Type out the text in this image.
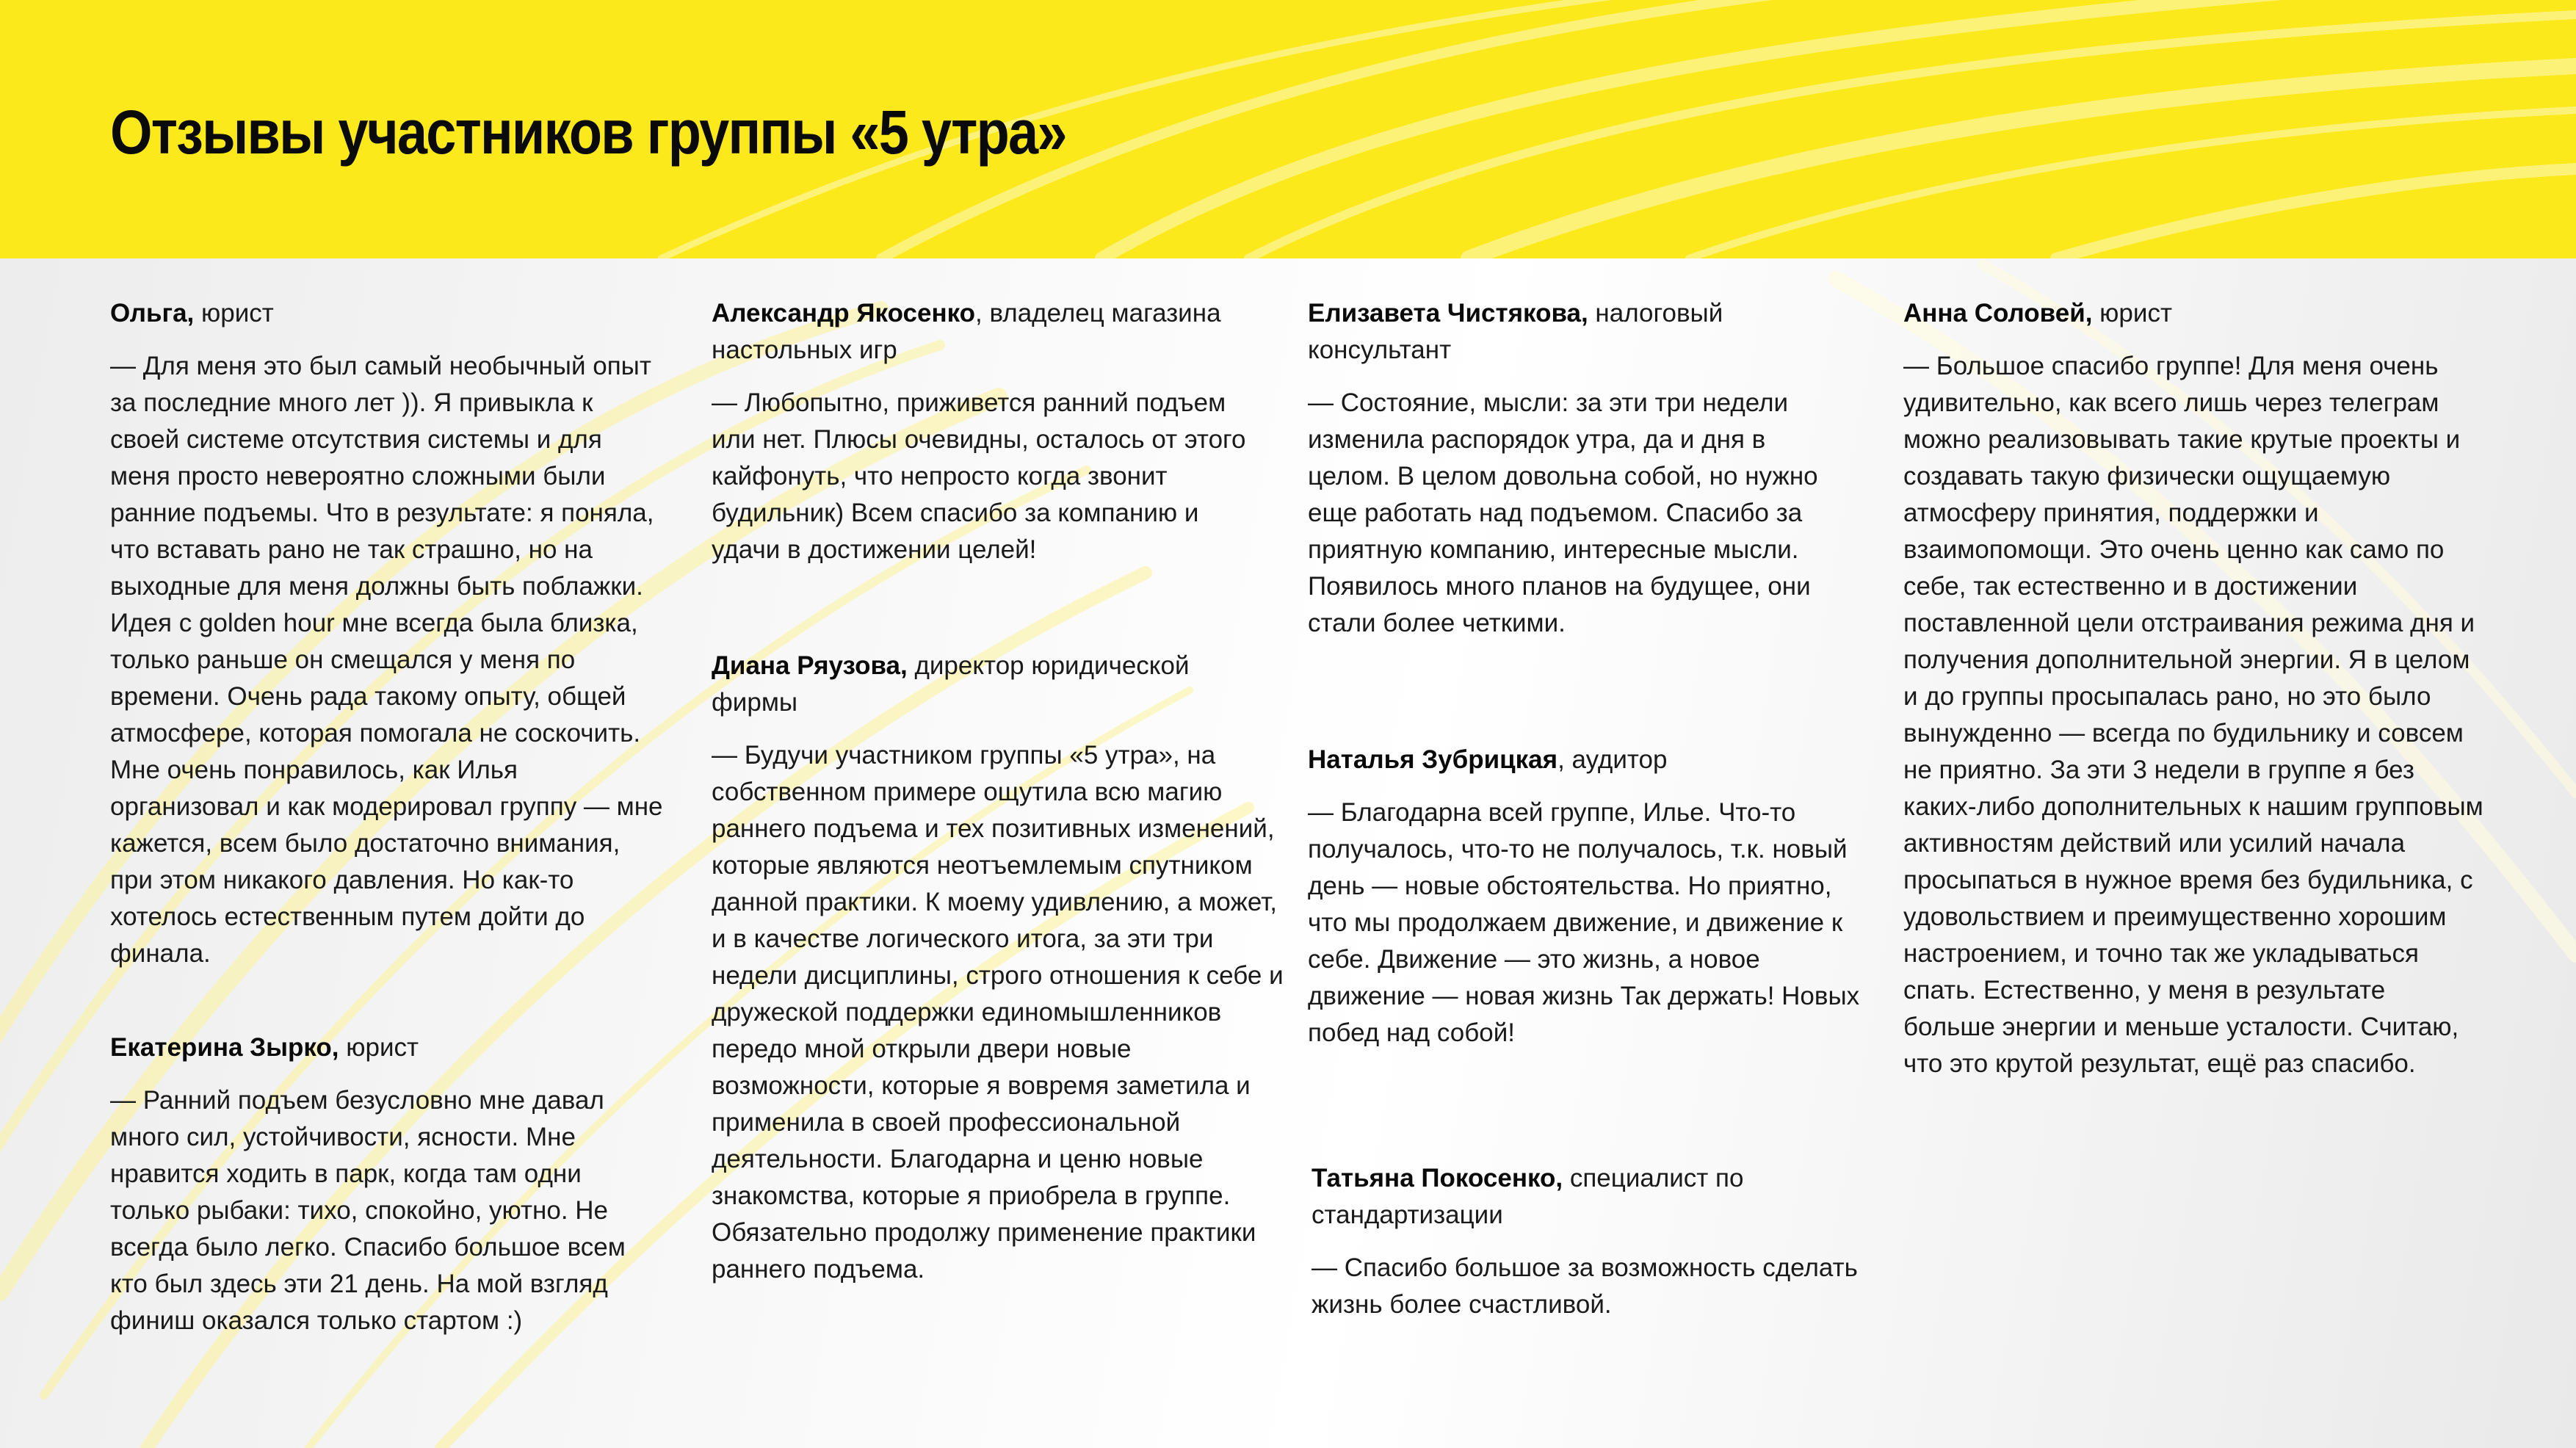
Отзывы участников группы «5 утра»

Ольга, юрист

— Для меня это был самый необычный опыт за последние много лет )). Я привыкла к своей системе отсутствия системы и для меня просто невероятно сложными были ранние подъемы. Что в результате: я поняла, что вставать рано не так страшно, но на выходные для меня должны быть поблажки. Идея с golden hour мне всегда была близка, только раньше он смещался у меня по времени. Очень рада такому опыту, общей атмосфере, которая помогала не соскочить. Мне очень понравилось, как Илья организовал и как модерировал группу — мне кажется, всем было достаточно внимания, при этом никакого давления. Но как-то хотелось естественным путем дойти до финала.

Екатерина Зырко, юрист

— Ранний подъем безусловно мне давал много сил, устойчивости, ясности. Мне нравится ходить в парк, когда там одни только рыбаки: тихо, спокойно, уютно. Не всегда было легко. Спасибо большое всем кто был здесь эти 21 день. На мой взгляд финиш оказался только стартом :)

Александр Якосенко, владелец магазина настольных игр

— Любопытно, приживется ранний подъем или нет. Плюсы очевидны, осталось от этого кайфонуть, что непросто когда звонит будильник) Всем спасибо за компанию и удачи в достижении целей!

Диана Ряузова, директор юридической фирмы

— Будучи участником группы «5 утра», на собственном примере ощутила всю магию раннего подъема и тех позитивных изменений, которые являются неотъемлемым спутником данной практики. К моему удивлению, а может, и в качестве логического итога, за эти три недели дисциплины, строго отношения к себе и дружеской поддержки единомышленников передо мной открыли двери новые возможности, которые я вовремя заметила и применила в своей профессиональной деятельности. Благодарна и ценю новые знакомства, которые я приобрела в группе. Обязательно продолжу применение практики раннего подъема.

Елизавета Чистякова, налоговый консультант

— Состояние, мысли: за эти три недели изменила распорядок утра, да и дня в целом. В целом довольна собой, но нужно еще работать над подъемом. Спасибо за приятную компанию, интересные мысли. Появилось много планов на будущее, они стали более четкими.

Наталья Зубрицкая, аудитор

— Благодарна всей группе, Илье. Что-то получалось, что-то не получалось, т.к. новый день — новые обстоятельства. Но приятно, что мы продолжаем движение, и движение к себе. Движение — это жизнь, а новое движение — новая жизнь Так держать! Новых побед над собой!

Татьяна Покосенко, специалист по стандартизации

— Спасибо большое за возможность сделать жизнь более счастливой.

Анна Соловей, юрист

— Большое спасибо группе! Для меня очень удивительно, как всего лишь через телеграм можно реализовывать такие крутые проекты и создавать такую физически ощущаемую атмосферу принятия, поддержки и взаимопомощи. Это очень ценно как само по себе, так естественно и в достижении поставленной цели отстраивания режима дня и получения дополнительной энергии. Я в целом и до группы просыпалась рано, но это было вынужденно — всегда по будильнику и совсем не приятно. За эти 3 недели в группе я без каких-либо дополнительных к нашим групповым активностям действий или усилий начала просыпаться в нужное время без будильника, с удовольствием и преимущественно хорошим настроением, и точно так же укладываться спать. Естественно, у меня в результате больше энергии и меньше усталости. Считаю, что это крутой результат, ещё раз спасибо.
